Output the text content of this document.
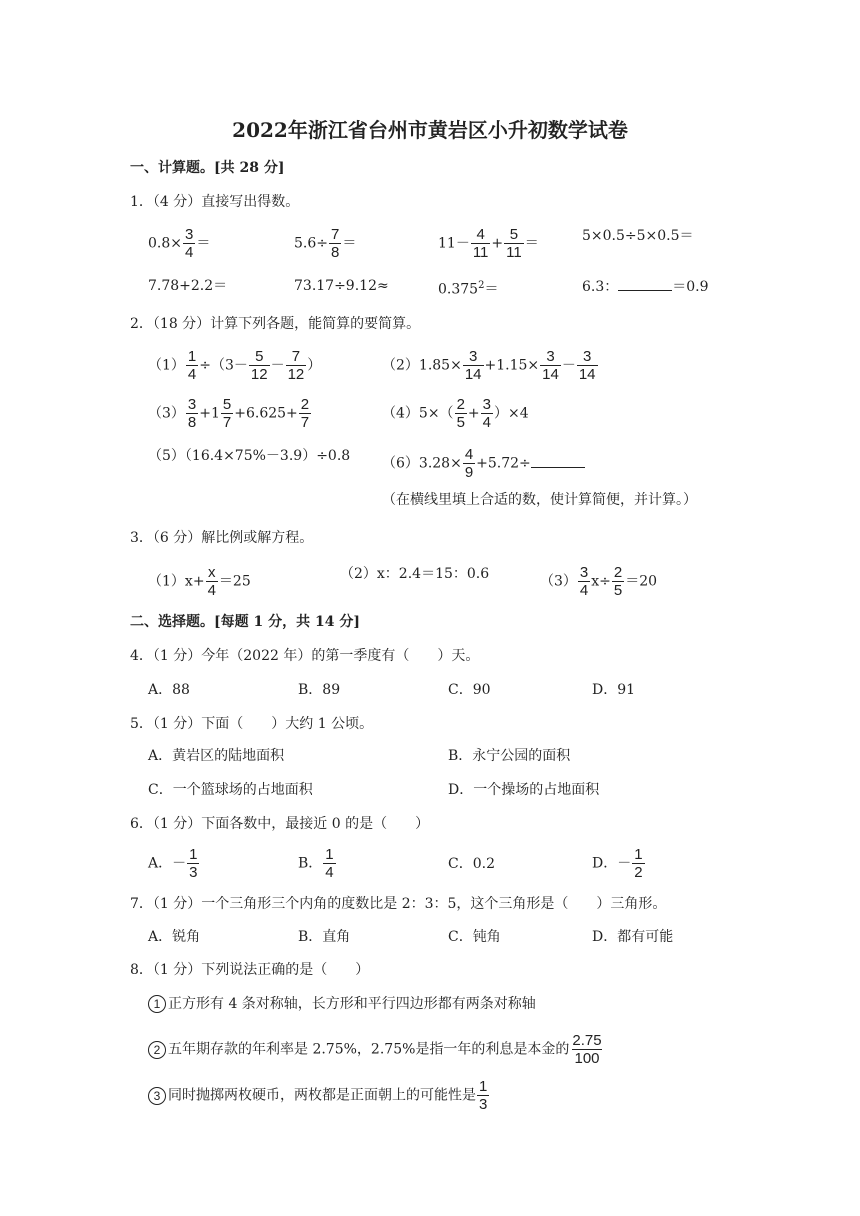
2022年浙江省台州市黄岩区小升初数学试卷
一、计算题。[共 28 分]
1．（4 分）直接写出得数。
$0.8\times \frac{3}{4}$ ＝	$5.6\div \frac{7}{8}$ ＝	$11- \frac{4}{11} + \frac{5}{11}$ ＝	5×0.5÷5×0.5＝
7.78+2.2＝	73.17÷9.12≈	$0.375^2=$	6.3：	＝0.9
2．（18 分）计算下列各题，能简算的要简算。
$(1) \frac{1}{4} \div(3- \frac{5}{12} - \frac{7}{12}$ ）	$(2)1.85\times \frac{3}{14} +1.15\times \frac{3}{14} - \frac{3}{14}$
$(3) \frac{3}{8} +1 \frac{5}{7} +6.625+ \frac{2}{7}$	$(4)5\times( \frac{2}{5} + \frac{3}{4} )\times 4$
（5）（16.4×75%－3.9）÷0.8 $(6)3.28\times \frac{4}{9} +5.72\div$
（在横线里填上合适的数，使计算简便，并计算。）
3．（6 分）解比例或解方程。
$(1)x+ \frac{x}{4} =25$	（2）x：2.4＝15：0.6	$(3) \frac{3}{4} x\div \frac{2}{5} =20$
二、选择题。[每题 1 分，共 14 分]
4．（1 分）今年（2022 年）的第一季度有（　　）天。
A．88	B．89	C．90	D．91
5．（1 分）下面（　　）大约 1 公顷。
A．黄岩区的陆地面积	B．永宁公园的面积
C．一个篮球场的占地面积	D．一个操场的占地面积
6．（1 分）下面各数中，最接近 0 的是（　　）
A．－ $\frac{1}{3}$	B． $\frac{1}{4}$	C．0.2	D．－ $\frac{1}{2}$
7．（1 分）一个三角形三个内角的度数比是 2：3：5，这个三角形是（　　）三角形。
A．锐角	B．直角	C．钝角	D．都有可能
8．（1 分）下列说法正确的是（　　）
1 正方形有 4 条对称轴，长方形和平行四边形都有两条对称轴
2 五年期存款的年利率是 2.75%，2.75%是指一年的利息是本金的 $\frac{2.75}{100}$
3 同时抛掷两枚硬币，两枚都是正面朝上的可能性是 $\frac{1}{3}$
